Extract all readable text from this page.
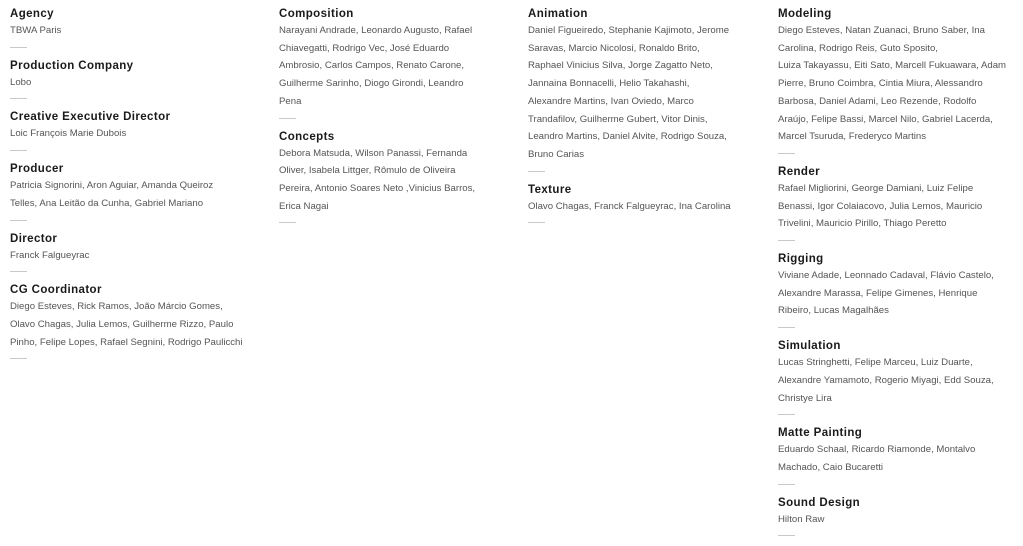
Agency
TBWA Paris
Production Company
Lobo
Creative Executive Director
Loic François Marie Dubois
Producer
Patricia Signorini, Aron Aguiar, Amanda Queiroz
Telles, Ana Leitão da Cunha, Gabriel Mariano
Director
Franck Falgueyrac
CG Coordinator
Diego Esteves, Rick Ramos, João Márcio Gomes,
Olavo Chagas, Julia Lemos, Guilherme Rizzo, Paulo
Pinho, Felipe Lopes, Rafael Segnini, Rodrigo Paulicchi
Composition
Narayani Andrade, Leonardo Augusto, Rafael
Chiavegatti, Rodrigo Vec, José Eduardo
Ambrosio, Carlos Campos, Renato Carone,
Guilherme Sarinho, Diogo Girondi, Leandro
Pena
Concepts
Debora Matsuda, Wilson Panassi, Fernanda
Oliver, Isabela Littger, Rômulo de Oliveira
Pereira, Antonio Soares Neto ,Vinicius Barros,
Erica Nagai
Animation
Daniel Figueiredo, Stephanie Kajimoto, Jerome
Saravas, Marcio Nicolosi, Ronaldo Brito,
Raphael Vinicius Silva, Jorge Zagatto Neto,
Jannaina Bonnacelli, Helio Takahashi,
Alexandre Martins, Ivan Oviedo, Marco
Trandafilov, Guilherme Gubert, Vitor Dinis,
Leandro Martins, Daniel Alvite, Rodrigo Souza,
Bruno Carias
Texture
Olavo Chagas, Franck Falgueyrac, Ina Carolina
Modeling
Diego Esteves, Natan Zuanaci, Bruno Saber, Ina
Carolina, Rodrigo Reis, Guto Sposito,
Luiza Takayassu, Eiti Sato, Marcell Fukuawara, Adam
Pierre, Bruno Coimbra, Cintia Miura, Alessandro
Barbosa, Daniel Adami, Leo Rezende, Rodolfo
Araújo, Felipe Bassi, Marcel Nilo, Gabriel Lacerda,
Marcel Tsuruda, Frederyco Martins
Render
Rafael Migliorini, George Damiani, Luiz Felipe
Benassi, Igor Colaiacovo, Julia Lemos, Mauricio
Trivelini, Mauricio Pirillo, Thiago Peretto
Rigging
Viviane Adade, Leonnado Cadaval, Flávio Castelo,
Alexandre Marassa, Felipe Gimenes, Henrique
Ribeiro, Lucas Magalhães
Simulation
Lucas Stringhetti, Felipe Marceu, Luiz Duarte,
Alexandre Yamamoto, Rogerio Miyagi, Edd Souza,
Christye Lira
Matte Painting
Eduardo Schaal, Ricardo Riamonde, Montalvo
Machado, Caio Bucaretti
Sound Design
Hilton Raw
